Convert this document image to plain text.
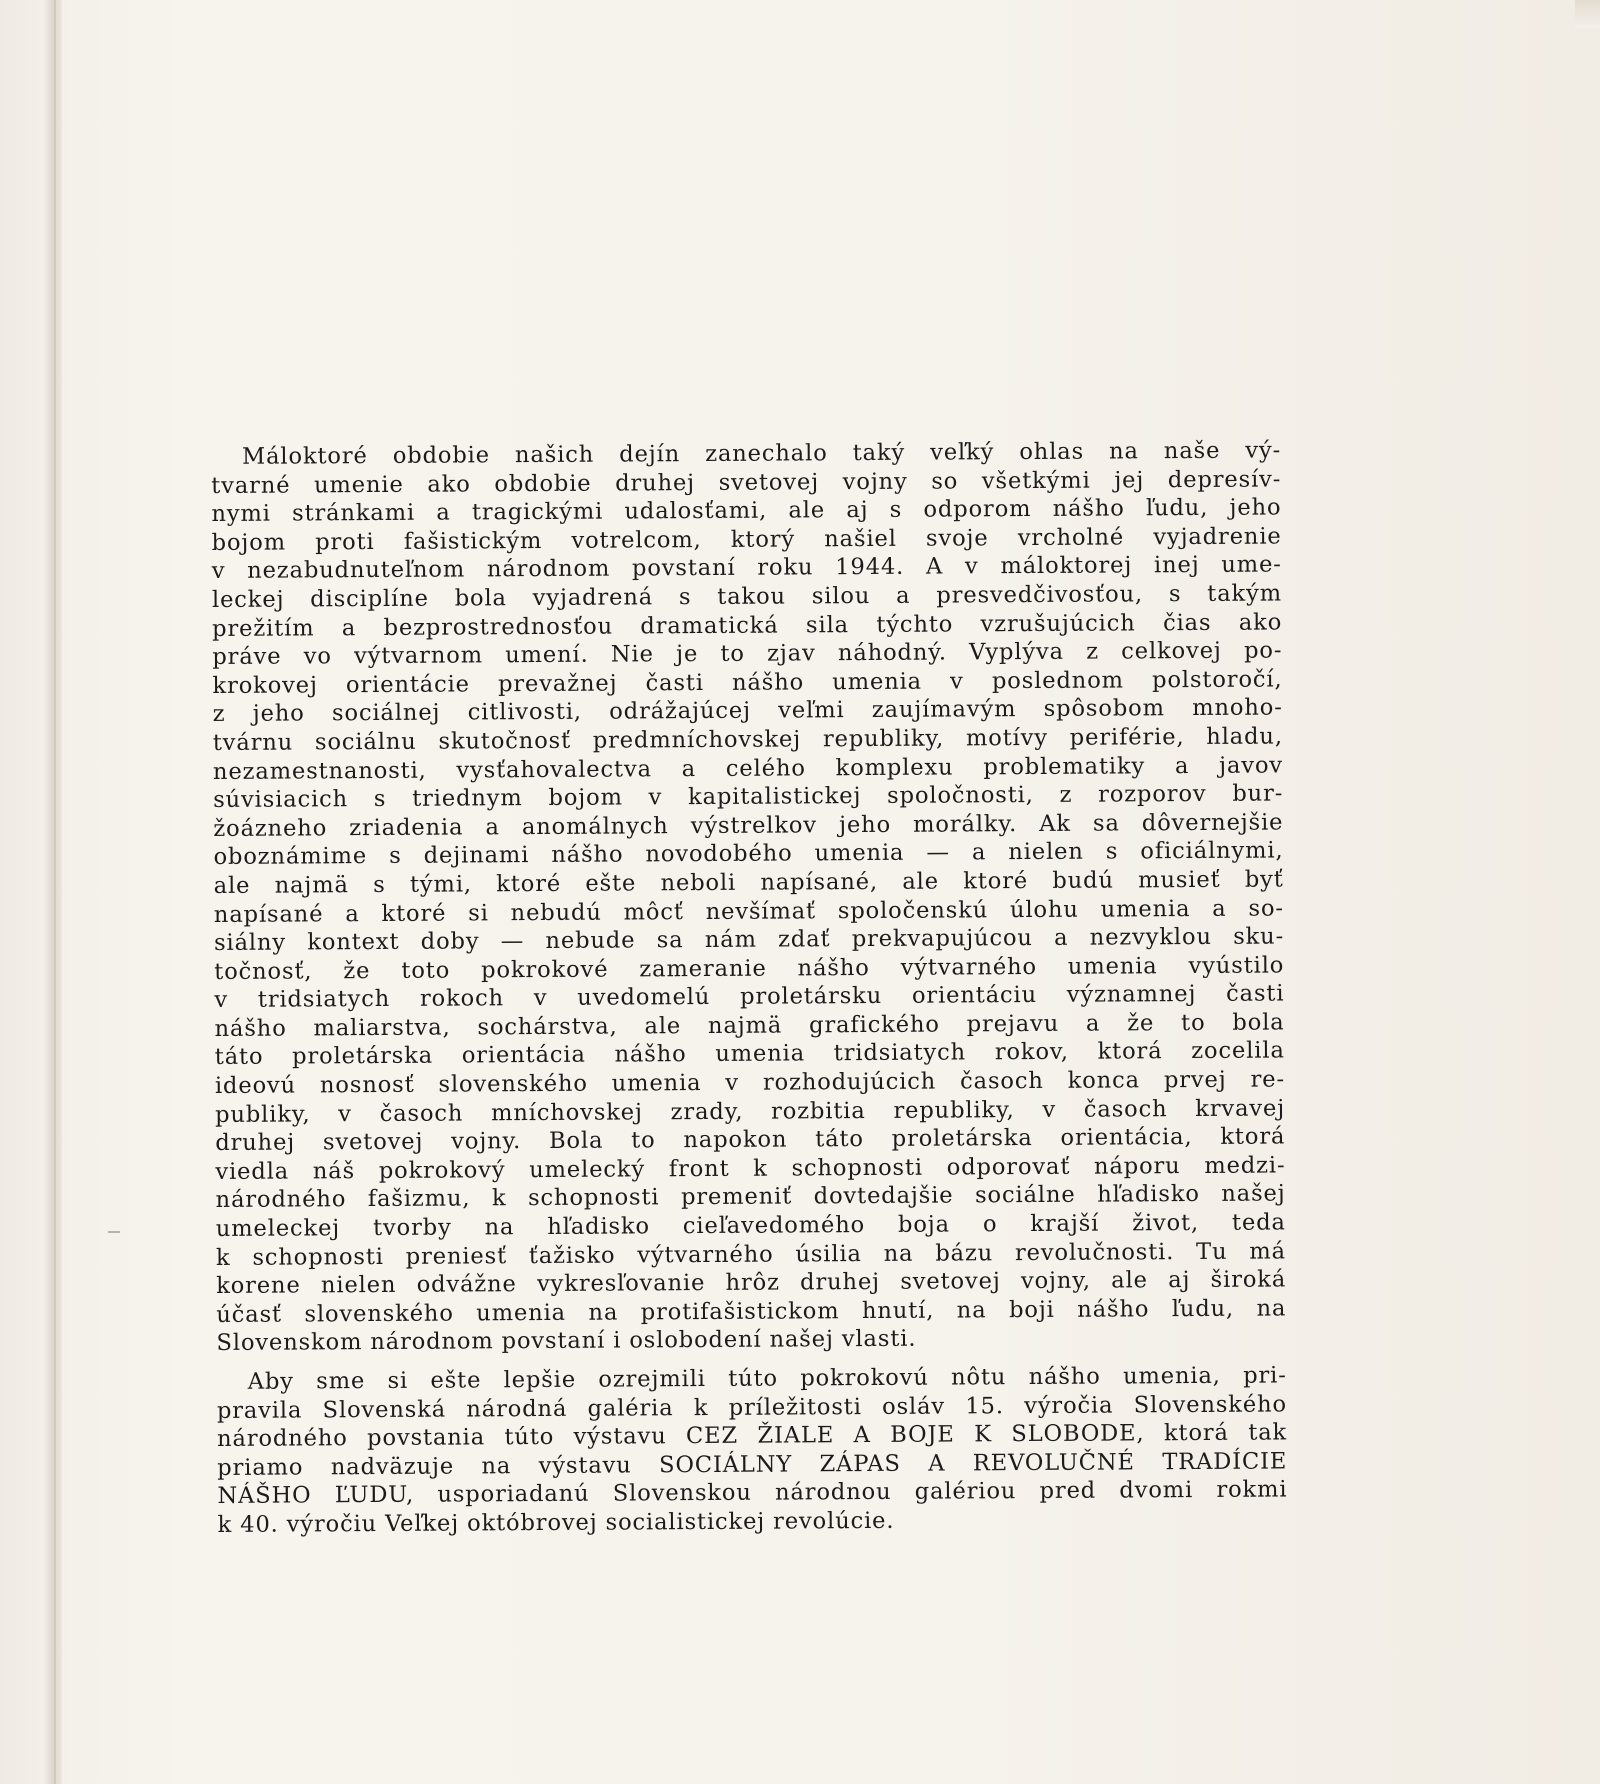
Máloktoré obdobie našich dejín zanechalo taký veľký ohlas na naše vý-
tvarné umenie ako obdobie druhej svetovej vojny so všetkými jej depresív-
nymi stránkami a tragickými udalosťami, ale aj s odporom nášho ľudu, jeho
bojom proti fašistickým votrelcom, ktorý našiel svoje vrcholné vyjadrenie
v nezabudnuteľnom národnom povstaní roku 1944. A v máloktorej inej ume-
leckej disciplíne bola vyjadrená s takou silou a presvedčivosťou, s takým
prežitím a bezprostrednosťou dramatická sila týchto vzrušujúcich čias ako
práve vo výtvarnom umení. Nie je to zjav náhodný. Vyplýva z celkovej po-
krokovej orientácie prevažnej časti nášho umenia v poslednom polstoročí,
z jeho sociálnej citlivosti, odrážajúcej veľmi zaujímavým spôsobom mnoho-
tvárnu sociálnu skutočnosť predmníchovskej republiky, motívy periférie, hladu,
nezamestnanosti, vysťahovalectva a celého komplexu problematiky a javov
súvisiacich s triednym bojom v kapitalistickej spoločnosti, z rozporov bur-
žoázneho zriadenia a anomálnych výstrelkov jeho morálky. Ak sa dôvernejšie
oboznámime s dejinami nášho novodobého umenia — a nielen s oficiálnymi,
ale najmä s tými, ktoré ešte neboli napísané, ale ktoré budú musieť byť
napísané a ktoré si nebudú môcť nevšímať spoločenskú úlohu umenia a so-
siálny kontext doby — nebude sa nám zdať prekvapujúcou a nezvyklou sku-
točnosť, že toto pokrokové zameranie nášho výtvarného umenia vyústilo
v tridsiatych rokoch v uvedomelú proletársku orientáciu významnej časti
nášho maliarstva, sochárstva, ale najmä grafického prejavu a že to bola
táto proletárska orientácia nášho umenia tridsiatych rokov, ktorá zocelila
ideovú nosnosť slovenského umenia v rozhodujúcich časoch konca prvej re-
publiky, v časoch mníchovskej zrady, rozbitia republiky, v časoch krvavej
druhej svetovej vojny. Bola to napokon táto proletárska orientácia, ktorá
viedla náš pokrokový umelecký front k schopnosti odporovať náporu medzi-
národného fašizmu, k schopnosti premeniť dovtedajšie sociálne hľadisko našej
umeleckej tvorby na hľadisko cieľavedomého boja o krajší život, teda
k schopnosti preniesť ťažisko výtvarného úsilia na bázu revolučnosti. Tu má
korene nielen odvážne vykresľovanie hrôz druhej svetovej vojny, ale aj široká
účasť slovenského umenia na protifašistickom hnutí, na boji nášho ľudu, na
Slovenskom národnom povstaní i oslobodení našej vlasti.
Aby sme si ešte lepšie ozrejmili túto pokrokovú nôtu nášho umenia, pri-
pravila Slovenská národná galéria k príležitosti osláv 15. výročia Slovenského
národného povstania túto výstavu CEZ ŽIALE A BOJE K SLOBODE, ktorá tak
priamo nadväzuje na výstavu SOCIÁLNY ZÁPAS A REVOLUČNÉ TRADÍCIE
NÁŠHO ĽUDU, usporiadanú Slovenskou národnou galériou pred dvomi rokmi
k 40. výročiu Veľkej októbrovej socialistickej revolúcie.
